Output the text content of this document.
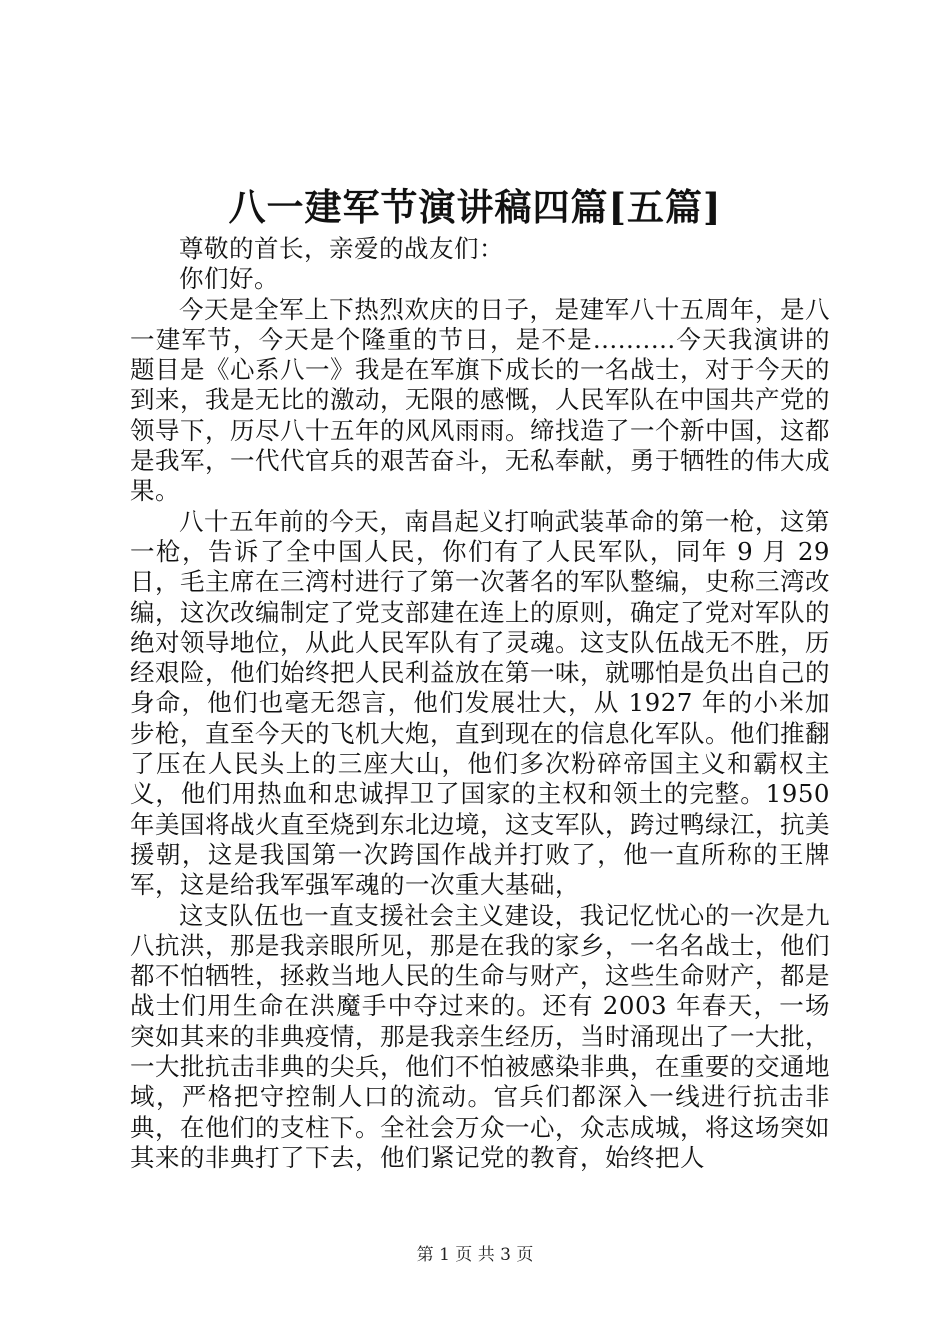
八一建军节演讲稿四篇[五篇]

尊敬的首长，亲爱的战友们：

你们好。

今天是全军上下热烈欢庆的日子，是建军八十五周年，是八一建军节，今天是个隆重的节日，是不是..........今天我演讲的题目是《心系八一》我是在军旗下成长的一名战士，对于今天的到来，我是无比的激动，无限的感慨，人民军队在中国共产党的领导下，历尽八十五年的风风雨雨。缔找造了一个新中国，这都是我军，一代代官兵的艰苦奋斗，无私奉献，勇于牺牲的伟大成果。

八十五年前的今天，南昌起义打响武装革命的第一枪，这第一枪，告诉了全中国人民，你们有了人民军队，同年 9 月 29 日，毛主席在三湾村进行了第一次著名的军队整编，史称三湾改编，这次改编制定了党支部建在连上的原则，确定了党对军队的绝对领导地位，从此人民军队有了灵魂。这支队伍战无不胜，历经艰险，他们始终把人民利益放在第一味，就哪怕是负出自己的身命，他们也毫无怨言，他们发展壮大，从 1927 年的小米加步枪，直至今天的飞机大炮，直到现在的信息化军队。他们推翻了压在人民头上的三座大山，他们多次粉碎帝国主义和霸权主义，他们用热血和忠诚捍卫了国家的主权和领土的完整。1950 年美国将战火直至烧到东北边境，这支军队，跨过鸭绿江，抗美援朝，这是我国第一次跨国作战并打败了，他一直所称的王牌军，这是给我军强军魂的一次重大基础，

这支队伍也一直支援社会主义建设，我记忆忧心的一次是九八抗洪，那是我亲眼所见，那是在我的家乡，一名名战士，他们都不怕牺牲，拯救当地人民的生命与财产，这些生命财产，都是战士们用生命在洪魔手中夺过来的。还有 2003 年春天，一场突如其来的非典疫情，那是我亲生经历，当时涌现出了一大批，一大批抗击非典的尖兵，他们不怕被感染非典，在重要的交通地域，严格把守控制人口的流动。官兵们都深入一线进行抗击非典，在他们的支柱下。全社会万众一心，众志成城，将这场突如其来的非典打了下去，他们紧记党的教育，始终把人

第 1 页 共 3 页
